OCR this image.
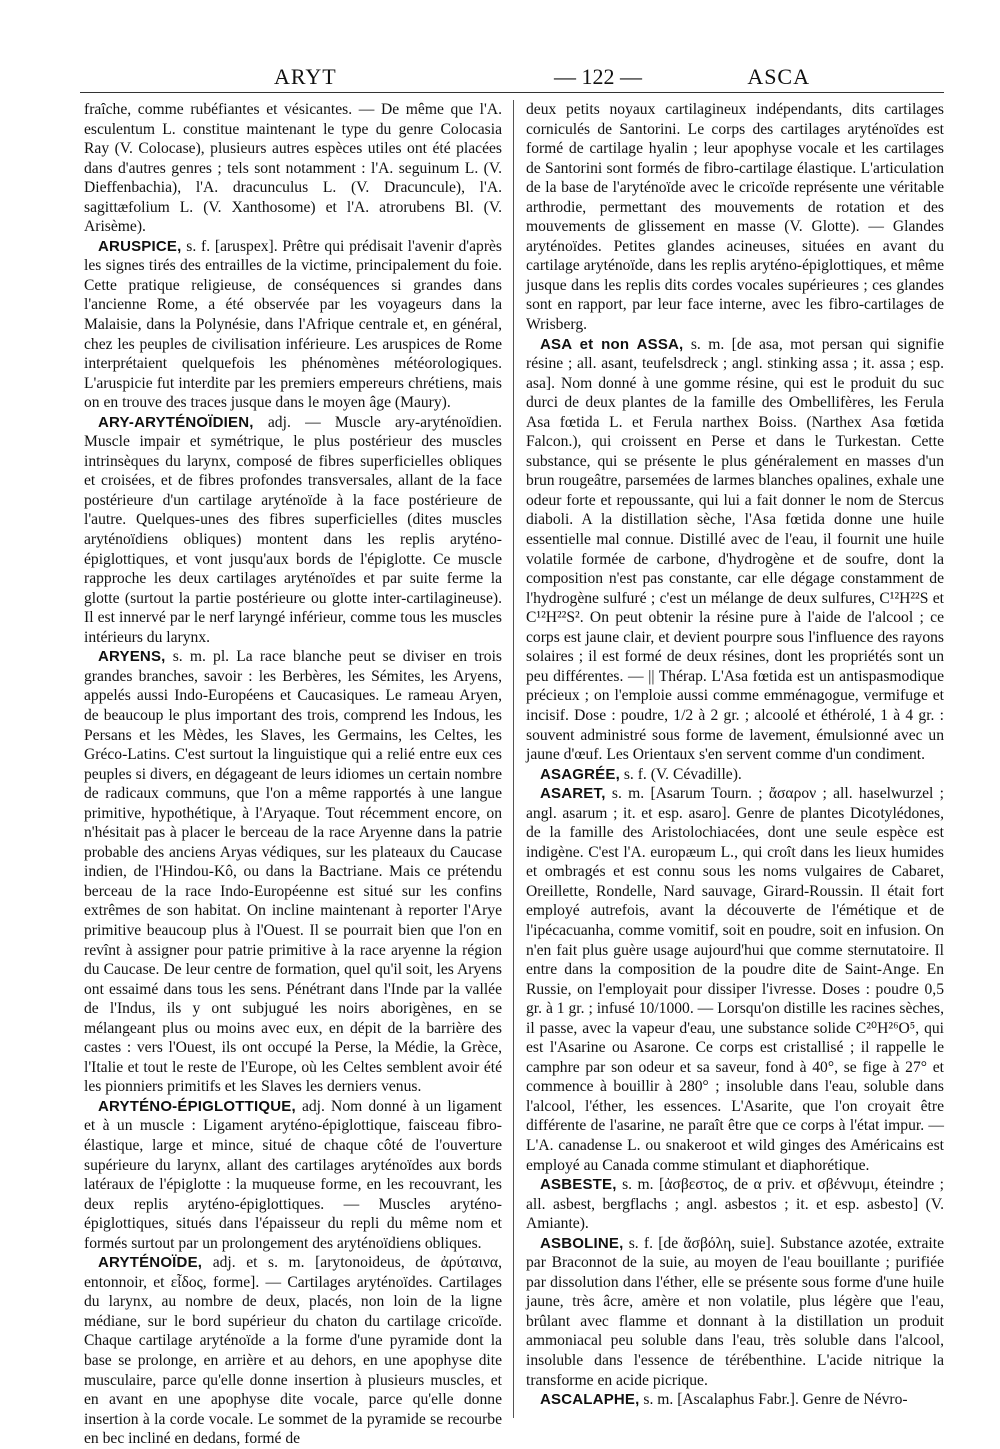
ARYT	— 122 —	ASCA

fraîche, comme rubéfiantes et vésicantes. — De même que l'A. esculentum L. constitue maintenant le type du genre Colocasia Ray (V. Colocase), plusieurs autres espèces utiles ont été placées dans d'autres genres ; tels sont notamment : l'A. seguinum L. (V. Dieffenbachia), l'A. dracunculus L. (V. Dracuncule), l'A. sagittæfolium L. (V. Xanthosome) et l'A. atrorubens Bl. (V. Arisème).

ARUSPICE, s. f. [aruspex]. Prêtre qui prédisait l'avenir d'après les signes tirés des entrailles de la victime, principalement du foie. Cette pratique religieuse, de conséquences si grandes dans l'ancienne Rome, a été observée par les voyageurs dans la Malaisie, dans la Polynésie, dans l'Afrique centrale et, en général, chez les peuples de civilisation inférieure. Les aruspices de Rome interprétaient quelquefois les phénomènes météorologiques. L'aruspicie fut interdite par les premiers empereurs chrétiens, mais on en trouve des traces jusque dans le moyen âge (Maury).

ARY-ARYTÉNOÏDIEN, adj. — Muscle ary-aryténoïdien. Muscle impair et symétrique, le plus postérieur des muscles intrinsèques du larynx, composé de fibres superficielles obliques et croisées, et de fibres profondes transversales, allant de la face postérieure d'un cartilage aryténoïde à la face postérieure de l'autre. Quelques-unes des fibres superficielles (dites muscles aryténoïdiens obliques) montent dans les replis aryténo-épiglottiques, et vont jusqu'aux bords de l'épiglotte. Ce muscle rapproche les deux cartilages aryténoïdes et par suite ferme la glotte (surtout la partie postérieure ou glotte inter-cartilagineuse). Il est innervé par le nerf laryngé inférieur, comme tous les muscles intérieurs du larynx.

ARYENS, s. m. pl. La race blanche peut se diviser en trois grandes branches, savoir : les Berbères, les Sémites, les Aryens, appelés aussi Indo-Européens et Caucasiques. Le rameau Aryen, de beaucoup le plus important des trois, comprend les Indous, les Persans et les Mèdes, les Slaves, les Germains, les Celtes, les Gréco-Latins. C'est surtout la linguistique qui a relié entre eux ces peuples si divers, en dégageant de leurs idiomes un certain nombre de radicaux communs, que l'on a même rapportés à une langue primitive, hypothétique, à l'Aryaque. Tout récemment encore, on n'hésitait pas à placer le berceau de la race Aryenne dans la patrie probable des anciens Aryas védiques, sur les plateaux du Caucase indien, de l'Hindou-Kô, ou dans la Bactriane. Mais ce prétendu berceau de la race Indo-Européenne est situé sur les confins extrêmes de son habitat. On incline maintenant à reporter l'Arye primitive beaucoup plus à l'Ouest. Il se pourrait bien que l'on en revînt à assigner pour patrie primitive à la race aryenne la région du Caucase. De leur centre de formation, quel qu'il soit, les Aryens ont essaimé dans tous les sens. Pénétrant dans l'Inde par la vallée de l'Indus, ils y ont subjugué les noirs aborigènes, en se mélangeant plus ou moins avec eux, en dépit de la barrière des castes : vers l'Ouest, ils ont occupé la Perse, la Médie, la Grèce, l'Italie et tout le reste de l'Europe, où les Celtes semblent avoir été les pionniers primitifs et les Slaves les derniers venus.

ARYTÉNO-ÉPIGLOTTIQUE, adj. Nom donné à un ligament et à un muscle : Ligament aryténo-épiglottique, faisceau fibro-élastique, large et mince, situé de chaque côté de l'ouverture supérieure du larynx, allant des cartilages aryténoïdes aux bords latéraux de l'épiglotte : la muqueuse forme, en les recouvrant, les deux replis aryténo-épiglottiques. — Muscles aryténo-épiglottiques, situés dans l'épaisseur du repli du même nom et formés surtout par un prolongement des aryténoïdiens obliques.

ARYTÉNOÏDE, adj. et s. m. [arytonoideus, de ἀρύταινα, entonnoir, et εἶδος, forme]. — Cartilages aryténoïdes. Cartilages du larynx, au nombre de deux, placés, non loin de la ligne médiane, sur le bord supérieur du chaton du cartilage cricoïde. Chaque cartilage aryténoïde a la forme d'une pyramide dont la base se prolonge, en arrière et au dehors, en une apophyse dite musculaire, parce qu'elle donne insertion à plusieurs muscles, et en avant en une apophyse dite vocale, parce qu'elle donne insertion à la corde vocale. Le sommet de la pyramide se recourbe en bec incliné en dedans, formé de

deux petits noyaux cartilagineux indépendants, dits cartilages corniculés de Santorini. Le corps des cartilages aryténoïdes est formé de cartilage hyalin ; leur apophyse vocale et les cartilages de Santorini sont formés de fibro-cartilage élastique. L'articulation de la base de l'aryténoïde avec le cricoïde représente une véritable arthrodie, permettant des mouvements de rotation et des mouvements de glissement en masse (V. Glotte). — Glandes aryténoïdes. Petites glandes acineuses, situées en avant du cartilage aryténoïde, dans les replis aryténo-épiglottiques, et même jusque dans les replis dits cordes vocales supérieures ; ces glandes sont en rapport, par leur face interne, avec les fibro-cartilages de Wrisberg.

ASA et non ASSA, s. m. [de asa, mot persan qui signifie résine ; all. asant, teufelsdreck ; angl. stinking assa ; it. assa ; esp. asa]. Nom donné à une gomme résine, qui est le produit du suc durci de deux plantes de la famille des Ombellifères, les Ferula Asa fœtida L. et Ferula narthex Boiss. (Narthex Asa fœtida Falcon.), qui croissent en Perse et dans le Turkestan. Cette substance, qui se présente le plus généralement en masses d'un brun rougeâtre, parsemées de larmes blanches opalines, exhale une odeur forte et repoussante, qui lui a fait donner le nom de Stercus diaboli. A la distillation sèche, l'Asa fœtida donne une huile essentielle mal connue. Distillé avec de l'eau, il fournit une huile volatile formée de carbone, d'hydrogène et de soufre, dont la composition n'est pas constante, car elle dégage constamment de l'hydrogène sulfuré ; c'est un mélange de deux sulfures, C¹²H²²S et C¹²H²²S². On peut obtenir la résine pure à l'aide de l'alcool ; ce corps est jaune clair, et devient pourpre sous l'influence des rayons solaires ; il est formé de deux résines, dont les propriétés sont un peu différentes. — || Thérap. L'Asa fœtida est un antispasmodique précieux ; on l'emploie aussi comme emménagogue, vermifuge et incisif. Dose : poudre, 1/2 à 2 gr. ; alcoolé et éthérolé, 1 à 4 gr. : souvent administré sous forme de lavement, émulsionné avec un jaune d'œuf. Les Orientaux s'en servent comme d'un condiment.

ASAGRÉE, s. f. (V. Cévadille).

ASARET, s. m. [Asarum Tourn. ; ἄσαρον ; all. haselwurzel ; angl. asarum ; it. et esp. asaro]. Genre de plantes Dicotylédones, de la famille des Aristolochiacées, dont une seule espèce est indigène. C'est l'A. europæum L., qui croît dans les lieux humides et ombragés et est connu sous les noms vulgaires de Cabaret, Oreillette, Rondelle, Nard sauvage, Girard-Roussin. Il était fort employé autrefois, avant la découverte de l'émétique et de l'ipécacuanha, comme vomitif, soit en poudre, soit en infusion. On n'en fait plus guère usage aujourd'hui que comme sternutatoire. Il entre dans la composition de la poudre dite de Saint-Ange. En Russie, on l'employait pour dissiper l'ivresse. Doses : poudre 0,5 gr. à 1 gr. ; infusé 10/1000. — Lorsqu'on distille les racines sèches, il passe, avec la vapeur d'eau, une substance solide C²⁰H²⁶O⁵, qui est l'Asarine ou Asarone. Ce corps est cristallisé ; il rappelle le camphre par son odeur et sa saveur, fond à 40°, se fige à 27° et commence à bouillir à 280° ; insoluble dans l'eau, soluble dans l'alcool, l'éther, les essences. L'Asarite, que l'on croyait être différente de l'asarine, ne paraît être que ce corps à l'état impur. — L'A. canadense L. ou snakeroot et wild ginges des Américains est employé au Canada comme stimulant et diaphorétique.

ASBESTE, s. m. [ἀσβεστος, de α priv. et σβέννυμι, éteindre ; all. asbest, bergflachs ; angl. asbestos ; it. et esp. asbesto] (V. Amiante).

ASBOLINE, s. f. [de ἄσβόλη, suie]. Substance azotée, extraite par Braconnot de la suie, au moyen de l'eau bouillante ; purifiée par dissolution dans l'éther, elle se présente sous forme d'une huile jaune, très âcre, amère et non volatile, plus légère que l'eau, brûlant avec flamme et donnant à la distillation un produit ammoniacal peu soluble dans l'eau, très soluble dans l'alcool, insoluble dans l'essence de térébenthine. L'acide nitrique la transforme en acide picrique.

ASCALAPHE, s. m. [Ascalaphus Fabr.]. Genre de Névro-
